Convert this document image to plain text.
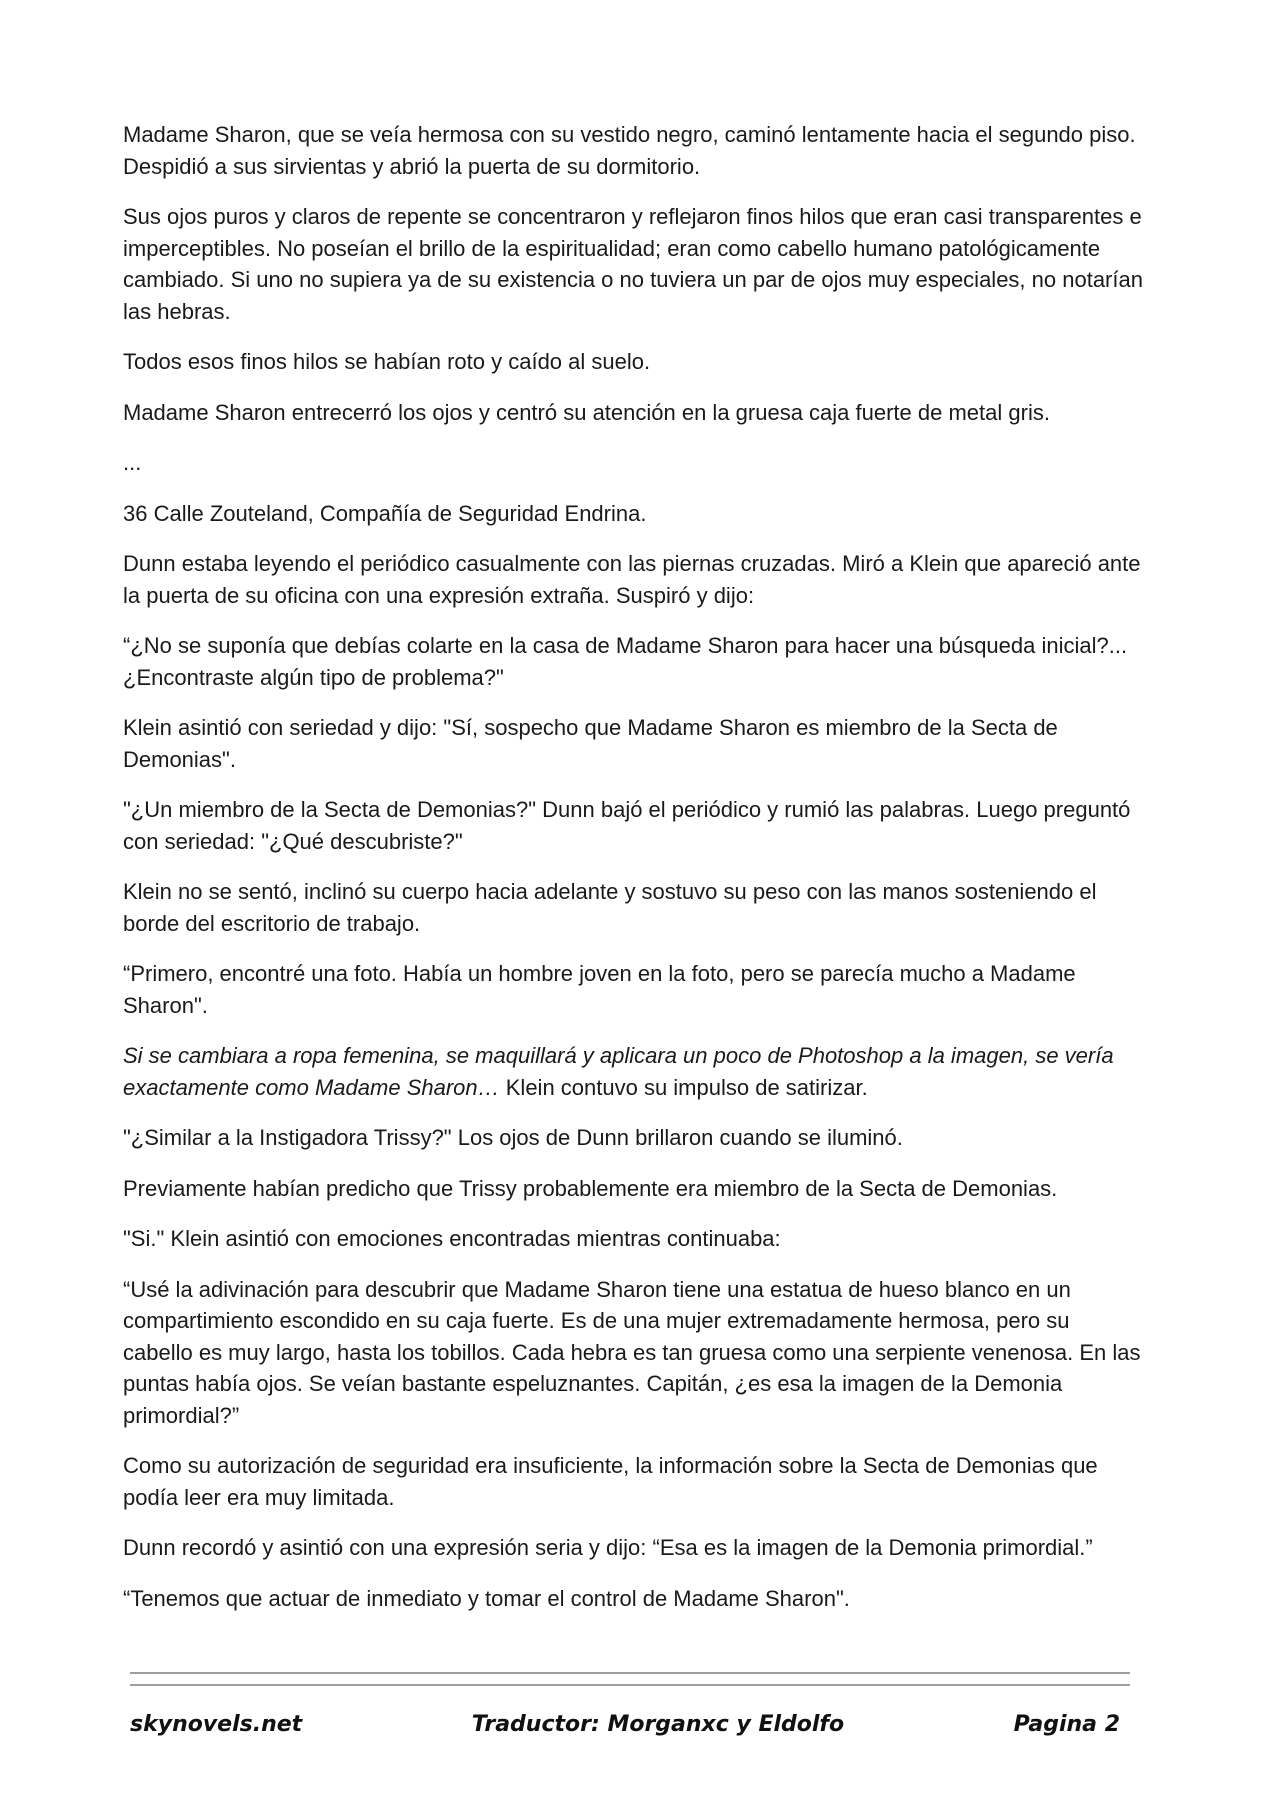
Madame Sharon, que se veía hermosa con su vestido negro, caminó lentamente hacia el segundo piso. Despidió a sus sirvientas y abrió la puerta de su dormitorio.

Sus ojos puros y claros de repente se concentraron y reflejaron finos hilos que eran casi transparentes e imperceptibles. No poseían el brillo de la espiritualidad; eran como cabello humano patológicamente cambiado. Si uno no supiera ya de su existencia o no tuviera un par de ojos muy especiales, no notarían las hebras.

Todos esos finos hilos se habían roto y caído al suelo.

Madame Sharon entrecerró los ojos y centró su atención en la gruesa caja fuerte de metal gris.

...

36 Calle Zouteland, Compañía de Seguridad Endrina.

Dunn estaba leyendo el periódico casualmente con las piernas cruzadas. Miró a Klein que apareció ante la puerta de su oficina con una expresión extraña. Suspiró y dijo:

“¿No se suponía que debías colarte en la casa de Madame Sharon para hacer una búsqueda inicial?... ¿Encontraste algún tipo de problema?"

Klein asintió con seriedad y dijo: "Sí, sospecho que Madame Sharon es miembro de la Secta de Demonias".

"¿Un miembro de la Secta de Demonias?" Dunn bajó el periódico y rumió las palabras. Luego preguntó con seriedad: "¿Qué descubriste?"

Klein no se sentó, inclinó su cuerpo hacia adelante y sostuvo su peso con las manos sosteniendo el borde del escritorio de trabajo.

“Primero, encontré una foto. Había un hombre joven en la foto, pero se parecía mucho a Madame Sharon".

Si se cambiara a ropa femenina, se maquillará y aplicara un poco de Photoshop a la imagen, se vería exactamente como Madame Sharon… Klein contuvo su impulso de satirizar.

"¿Similar a la Instigadora Trissy?" Los ojos de Dunn brillaron cuando se iluminó.

Previamente habían predicho que Trissy probablemente era miembro de la Secta de Demonias.

"Si." Klein asintió con emociones encontradas mientras continuaba:

“Usé la adivinación para descubrir que Madame Sharon tiene una estatua de hueso blanco en un compartimiento escondido en su caja fuerte. Es de una mujer extremadamente hermosa, pero su cabello es muy largo, hasta los tobillos. Cada hebra es tan gruesa como una serpiente venenosa. En las puntas había ojos. Se veían bastante espeluznantes. Capitán, ¿es esa la imagen de la Demonia primordial?”

Como su autorización de seguridad era insuficiente, la información sobre la Secta de Demonias que podía leer era muy limitada.

Dunn recordó y asintió con una expresión seria y dijo: “Esa es la imagen de la Demonia primordial.”

“Tenemos que actuar de inmediato y tomar el control de Madame Sharon".

skynovels.net	Traductor: Morganxc y Eldolfo	Pagina 2
